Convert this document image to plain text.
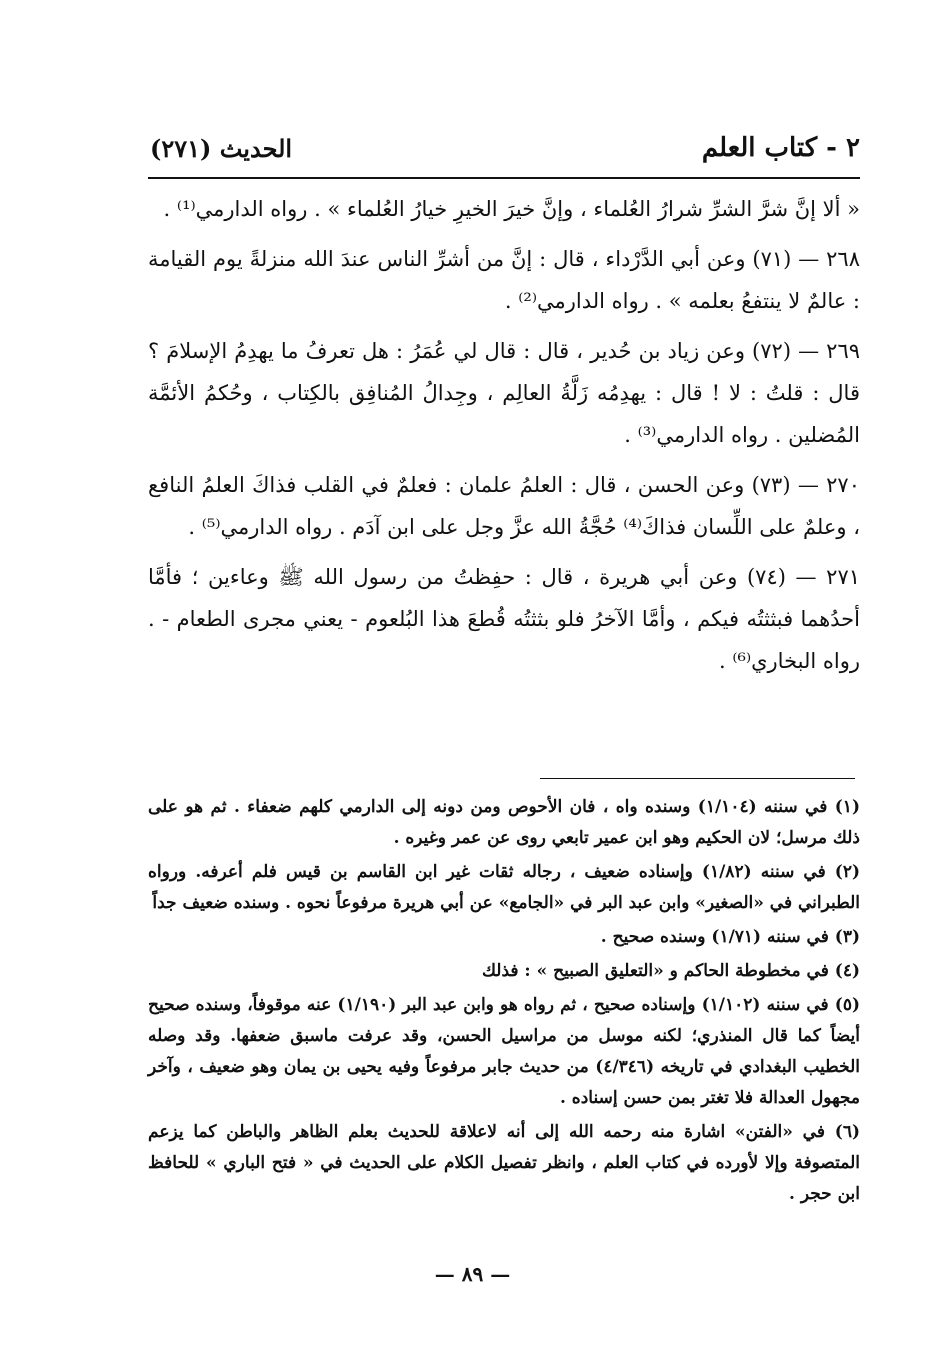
٢ - كتاب العلم
الحديث (٢٧١)

« ألا إنَّ شرَّ الشرِّ شرارُ العُلماء ، وإنَّ خيرَ الخيرِ خيارُ العُلماء » . رواه الدارمي⁽¹⁾ .

٢٦٨ — (٧١) وعن أبي الدَّرْداء ، قال : إنَّ من أشرِّ الناس عندَ الله منزلةً يوم القيامة : عالمٌ لا ينتفعُ بعلمه » . رواه الدارمي⁽²⁾ .

٢٦٩ — (٧٢) وعن زياد بن حُدير ، قال : قال لي عُمَرُ : هل تعرفُ ما يهدِمُ الإسلامَ ؟ قال : قلتُ : لا ! قال : يهدِمُه زَلَّةُ العالِم ، وجِدالُ المُنافِق بالكِتاب ، وحُكمُ الأئمَّة المُضلين . رواه الدارمي⁽³⁾ .

٢٧٠ — (٧٣) وعن الحسن ، قال : العلمُ علمان : فعلمٌ في القلب فذاكَ العلمُ النافع ، وعلمٌ على اللِّسان فذاكَ⁽⁴⁾ حُجَّةُ الله عزَّ وجل على ابن آدَم . رواه الدارمي⁽⁵⁾ .

٢٧١ — (٧٤) وعن أبي هريرة ، قال : حفِظتُ من رسول الله ﷺ وعاءين ؛ فأمَّا أحدُهما فبثثتُه فيكم ، وأمَّا الآخرُ فلو بثثتُه قُطعَ هذا البُلعوم - يعني مجرى الطعام - . رواه البخاري⁽⁶⁾ .

(١) في سننه (١/١٠٤) وسنده واه ، فان الأحوص ومن دونه إلى الدارمي كلهم ضعفاء . ثم هو على ذلك مرسل؛ لان الحكيم وهو ابن عمير تابعي روى عن عمر وغيره .

(٢) في سننه (١/٨٢) وإسناده ضعيف ، رجاله ثقات غير ابن القاسم بن قيس فلم أعرفه. ورواه الطبراني في «الصغير» وابن عبد البر في «الجامع» عن أبي هريرة مرفوعاً نحوه . وسنده ضعيف جداً

(٣) في سننه (١/٧١) وسنده صحيح .

(٤) في مخطوطة الحاكم و «التعليق الصبيح » : فذلك

(٥) في سننه (١/١٠٢) وإسناده صحيح ، ثم رواه هو وابن عبد البر (١/١٩٠) عنه موقوفاً، وسنده صحيح أيضاً كما قال المنذري؛ لكنه موسل من مراسيل الحسن، وقد عرفت ماسبق ضعفها. وقد وصله الخطيب البغدادي في تاريخه (٤/٣٤٦) من حديث جابر مرفوعاً وفيه يحيى بن يمان وهو ضعيف ، وآخر مجهول العدالة فلا تغتر بمن حسن إسناده .

(٦) في «الفتن» اشارة منه رحمه الله إلى أنه لاعلاقة للحديث بعلم الظاهر والباطن كما يزعم المتصوفة وإلا لأورده في كتاب العلم ، وانظر تفصيل الكلام على الحديث في « فتح الباري » للحافظ ابن حجر .

— ٨٩ —
